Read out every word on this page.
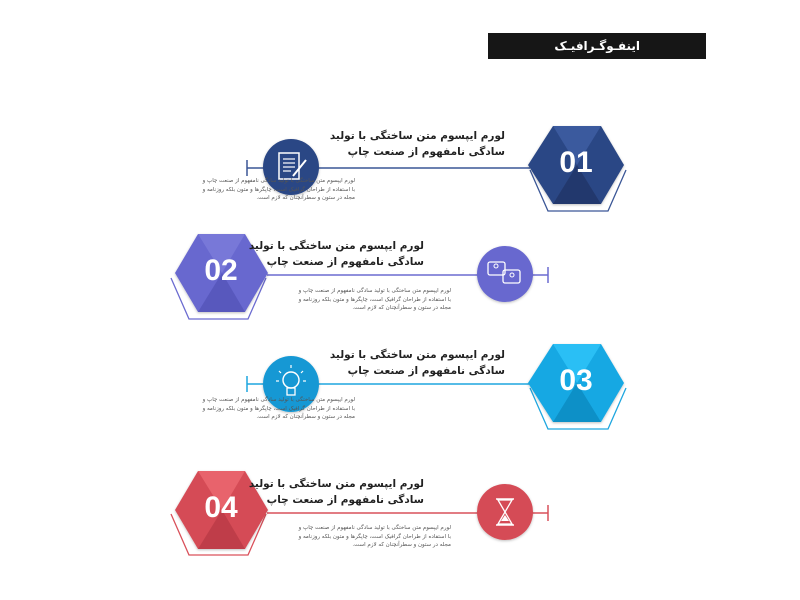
اینفـوگـرافیـک
01
02
03
04
لورم ایپسوم متن ساختگی با تولید
سادگی نامفهوم از صنعت چاپ
لورم ایپسوم متن ساختگی با تولید سادگی نامفهوم از صنعت چاپ و
با استفاده از طراحان گرافیک است، چاپگرها و متون بلکه روزنامه و
مجله در ستون و سطرآنچنان که لازم است.
لورم ایپسوم متن ساختگی با تولید
سادگی نامفهوم از صنعت چاپ
لورم ایپسوم متن ساختگی با تولید سادگی نامفهوم از صنعت چاپ و
با استفاده از طراحان گرافیک است، چاپگرها و متون بلکه روزنامه و
مجله در ستون و سطرآنچنان که لازم است.
لورم ایپسوم متن ساختگی با تولید
سادگی نامفهوم از صنعت چاپ
لورم ایپسوم متن ساختگی با تولید سادگی نامفهوم از صنعت چاپ و
با استفاده از طراحان گرافیک است، چاپگرها و متون بلکه روزنامه و
مجله در ستون و سطرآنچنان که لازم است.
لورم ایپسوم متن ساختگی با تولید
سادگی نامفهوم از صنعت چاپ
لورم ایپسوم متن ساختگی با تولید سادگی نامفهوم از صنعت چاپ و
با استفاده از طراحان گرافیک است، چاپگرها و متون بلکه روزنامه و
مجله در ستون و سطرآنچنان که لازم است.
